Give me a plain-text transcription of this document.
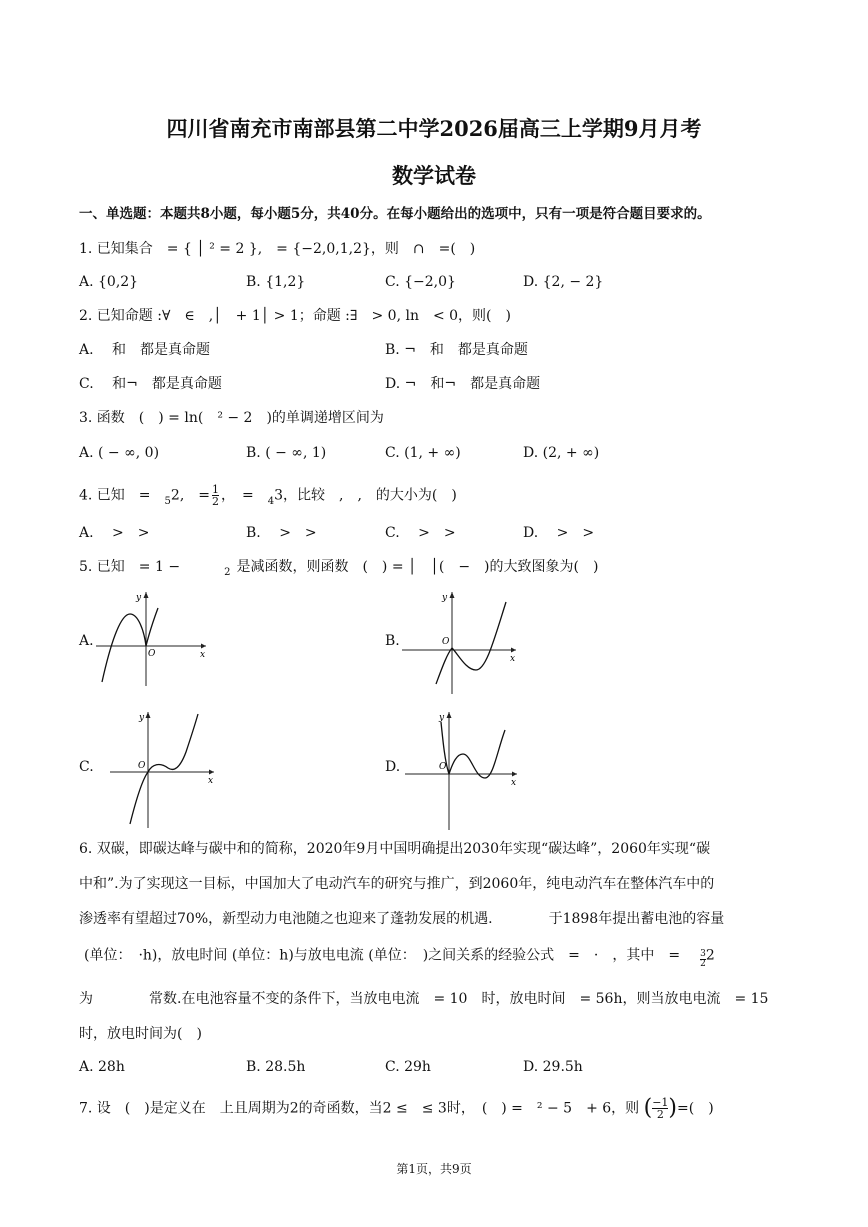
四川省南充市南部县第二中学2026届高三上学期9月月考
数学试卷
一、单选题：本题共8小题，每小题5分，共40分。在每小题给出的选项中，只有一项是符合题目要求的。
1. 已知集合　= { │ ² = 2 },　= {−2,0,1,2}，则　∩　=(　)
A. {0,2}	B. {1,2}	C. {−2,0}	D. {2, − 2}
2. 已知命题 :∀　∈　,│　+ 1│ > 1；命题 :∃　> 0, ln　< 0，则(　)
A. 　和　都是真命题	B. ¬　和　都是真命题
C. 　和¬　都是真命题	D. ¬　和¬　都是真命题
3. 函数　(　) = ln(　² − 2　)的单调递增区间为
A. ( − ∞, 0)	B. ( − ∞, 1)	C. (1, + ∞)	D. (2, + ∞)
4. 已知　=　$_5$2,　= $\frac{1}{2}$ ，　=　$_4$3，比较　,　,　的大小为(　)
A. 　>　>	B. 　>　>	C. 　>　>	D. 　>　>
5. 已知　= 1 −	$_2$ 是减函数，则函数　(　) = │　│(　−　)的大致图象为(　)
A.	B.
C.	D.
y
x
O
y
x
O
y
x
O
y
x
O
6. 双碳，即碳达峰与碳中和的简称，2020年9月中国明确提出2030年实现“碳达峰”，2060年实现“碳
中和”.为了实现这一目标，中国加大了电动汽车的研究与推广，到2060年，纯电动汽车在整体汽车中的
渗透率有望超过70%，新型动力电池随之也迎来了蓬勃发展的机遇.　　　　于1898年提出蓄电池的容量
(单位：　·h)，放电时间 (单位：h)与放电电流 (单位：　)之间关系的经验公式　=　·　，其中　= $\frac{3}{2} 2$
为　　　　常数.在电池容量不变的条件下，当放电电流　= 10　时，放电时间　= 56h，则当放电电流　= 15
时，放电时间为(　)
A. 28h	B. 28.5h	C. 29h	D. 29.5h
7. 设　(　)是定义在　上且周期为2的奇函数，当2 ≤　≤ 3时，　(　) =　² − 5　+ 6，则 ( $\frac{-1}{2}$ )=(　)
第1页，共9页
